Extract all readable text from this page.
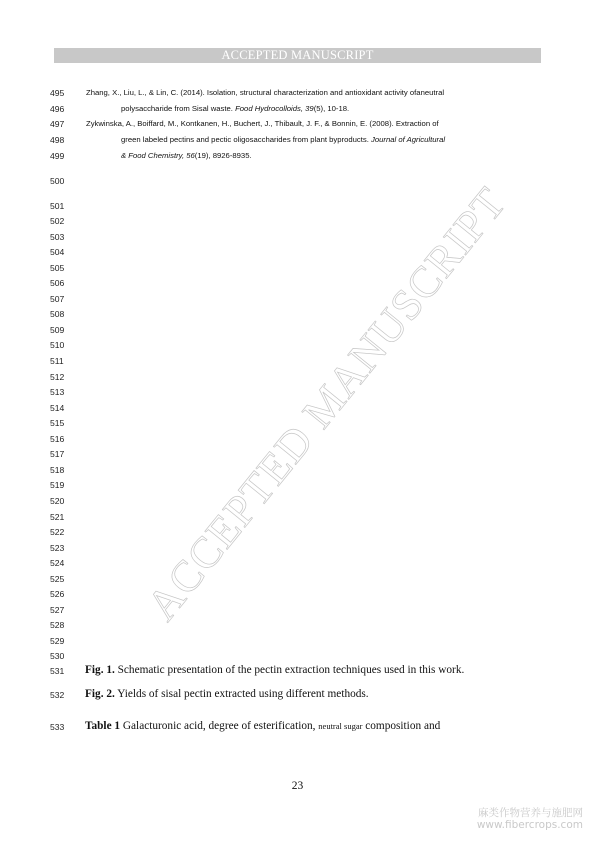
ACCEPTED MANUSCRIPT
ACCEPTED MANUSCRIPT
495	Zhang, X., Liu, L., & Lin, C. (2014). Isolation, structural characterization and antioxidant activity ofaneutral
496	polysaccharide from Sisal waste. Food Hydrocolloids, 39(5), 10-18.
497	Zykwinska, A., Boiffard, M., Kontkanen, H., Buchert, J., Thibault, J. F., & Bonnin, E. (2008). Extraction of
498	green labeled pectins and pectic oligosaccharides from plant byproducts. Journal of Agricultural
499	& Food Chemistry, 56(19), 8926-8935.
500
501
502
503
504
505
506
507
508
509
510
511
512
513
514
515
516
517
518
519
520
521
522
523
524
525
526
527
528
529
530
531	Fig. 1. Schematic presentation of the pectin extraction techniques used in this work.
532	Fig. 2. Yields of sisal pectin extracted using different methods.
533	Table 1 Galacturonic acid, degree of esterification, neutral sugar composition and
23
麻类作物营养与施肥网
www.fibercrops.com
